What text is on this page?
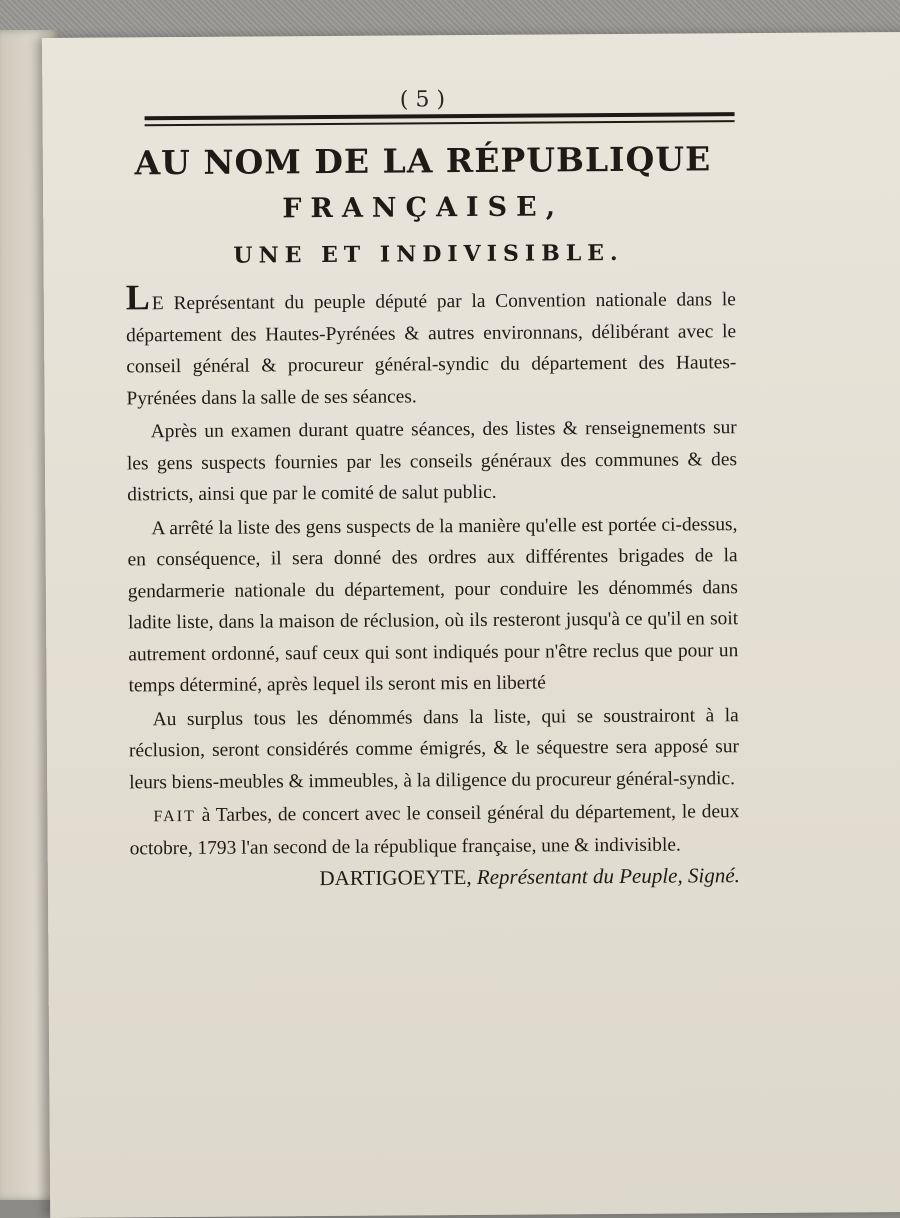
( 5 )
AU NOM DE LA RÉPUBLIQUE
FRANÇAISE,
UNE ET INDIVISIBLE.

LE Représentant du peuple député par la Convention nationale dans le département des Hautes-Pyrénées & autres environnans, délibérant avec le conseil général & procureur général-syndic du département des Hautes-Pyrénées dans la salle de ses séances.

Après un examen durant quatre séances, des listes & renseignements sur les gens suspects fournies par les conseils généraux des communes & des districts, ainsi que par le comité de salut public.

A arrêté la liste des gens suspects de la manière qu'elle est portée ci-dessus, en conséquence, il sera donné des ordres aux différentes brigades de la gendarmerie nationale du département, pour conduire les dénommés dans ladite liste, dans la maison de réclusion, où ils resteront jusqu'à ce qu'il en soit autrement ordonné, sauf ceux qui sont indiqués pour n'être reclus que pour un temps déterminé, après lequel ils seront mis en liberté

Au surplus tous les dénommés dans la liste, qui se soustrairont à la réclusion, seront considérés comme émigrés, & le séquestre sera apposé sur leurs biens-meubles & immeubles, à la diligence du procureur général-syndic.

FAIT à Tarbes, de concert avec le conseil général du département, le deux octobre, 1793 l'an second de la république française, une & indivisible.

DARTIGOEYTE, Représentant du Peuple, Signé.
